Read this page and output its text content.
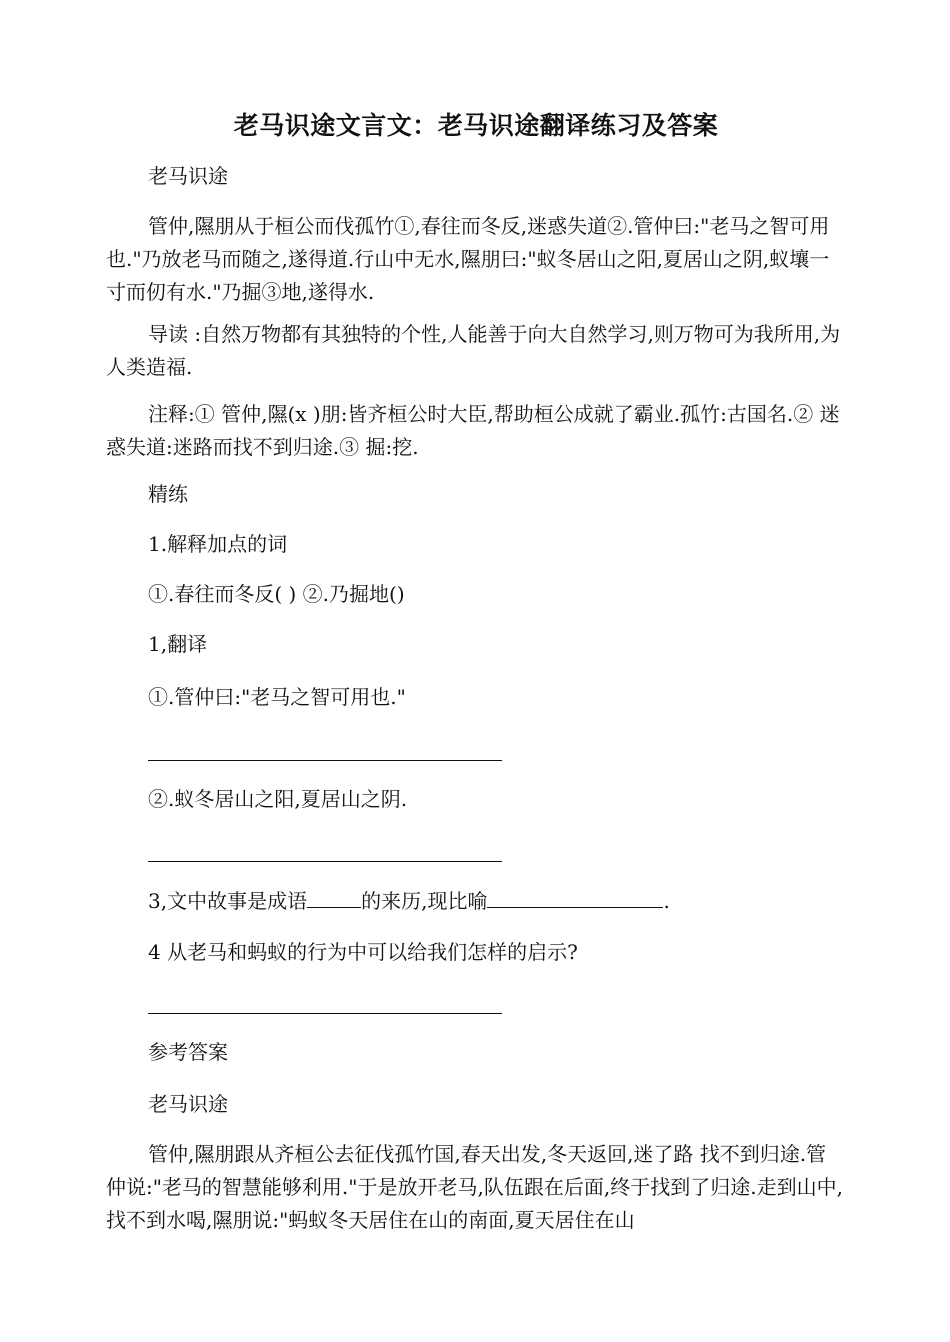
老马识途文言文：老马识途翻译练习及答案

老马识途

管仲,隰朋从于桓公而伐孤竹①,春往而冬反,迷惑失道②.管仲曰:"老马之智可用也."乃放老马而随之,遂得道.行山中无水,隰朋曰:"蚁冬居山之阳,夏居山之阴,蚁壤一寸而仞有水."乃掘③地,遂得水.

导读 :自然万物都有其独特的个性,人能善于向大自然学习,则万物可为我所用,为人类造福.

注释:① 管仲,隰(x )朋:皆齐桓公时大臣,帮助桓公成就了霸业.孤竹:古国名.② 迷惑失道:迷路而找不到归途.③ 掘:挖.

精练

1.解释加点的词

①.春往而冬反( ) ②.乃掘地()

1,翻译

①.管仲曰:"老马之智可用也."

②.蚁冬居山之阳,夏居山之阴.

3,文中故事是成语	的来历,现比喻	.

4 从老马和蚂蚁的行为中可以给我们怎样的启示?

参考答案

老马识途

管仲,隰朋跟从齐桓公去征伐孤竹国,春天出发,冬天返回,迷了路 找不到归途.管仲说:"老马的智慧能够利用."于是放开老马,队伍跟在后面,终于找到了归途.走到山中,找不到水喝,隰朋说:"蚂蚁冬天居住在山的南面,夏天居住在山
